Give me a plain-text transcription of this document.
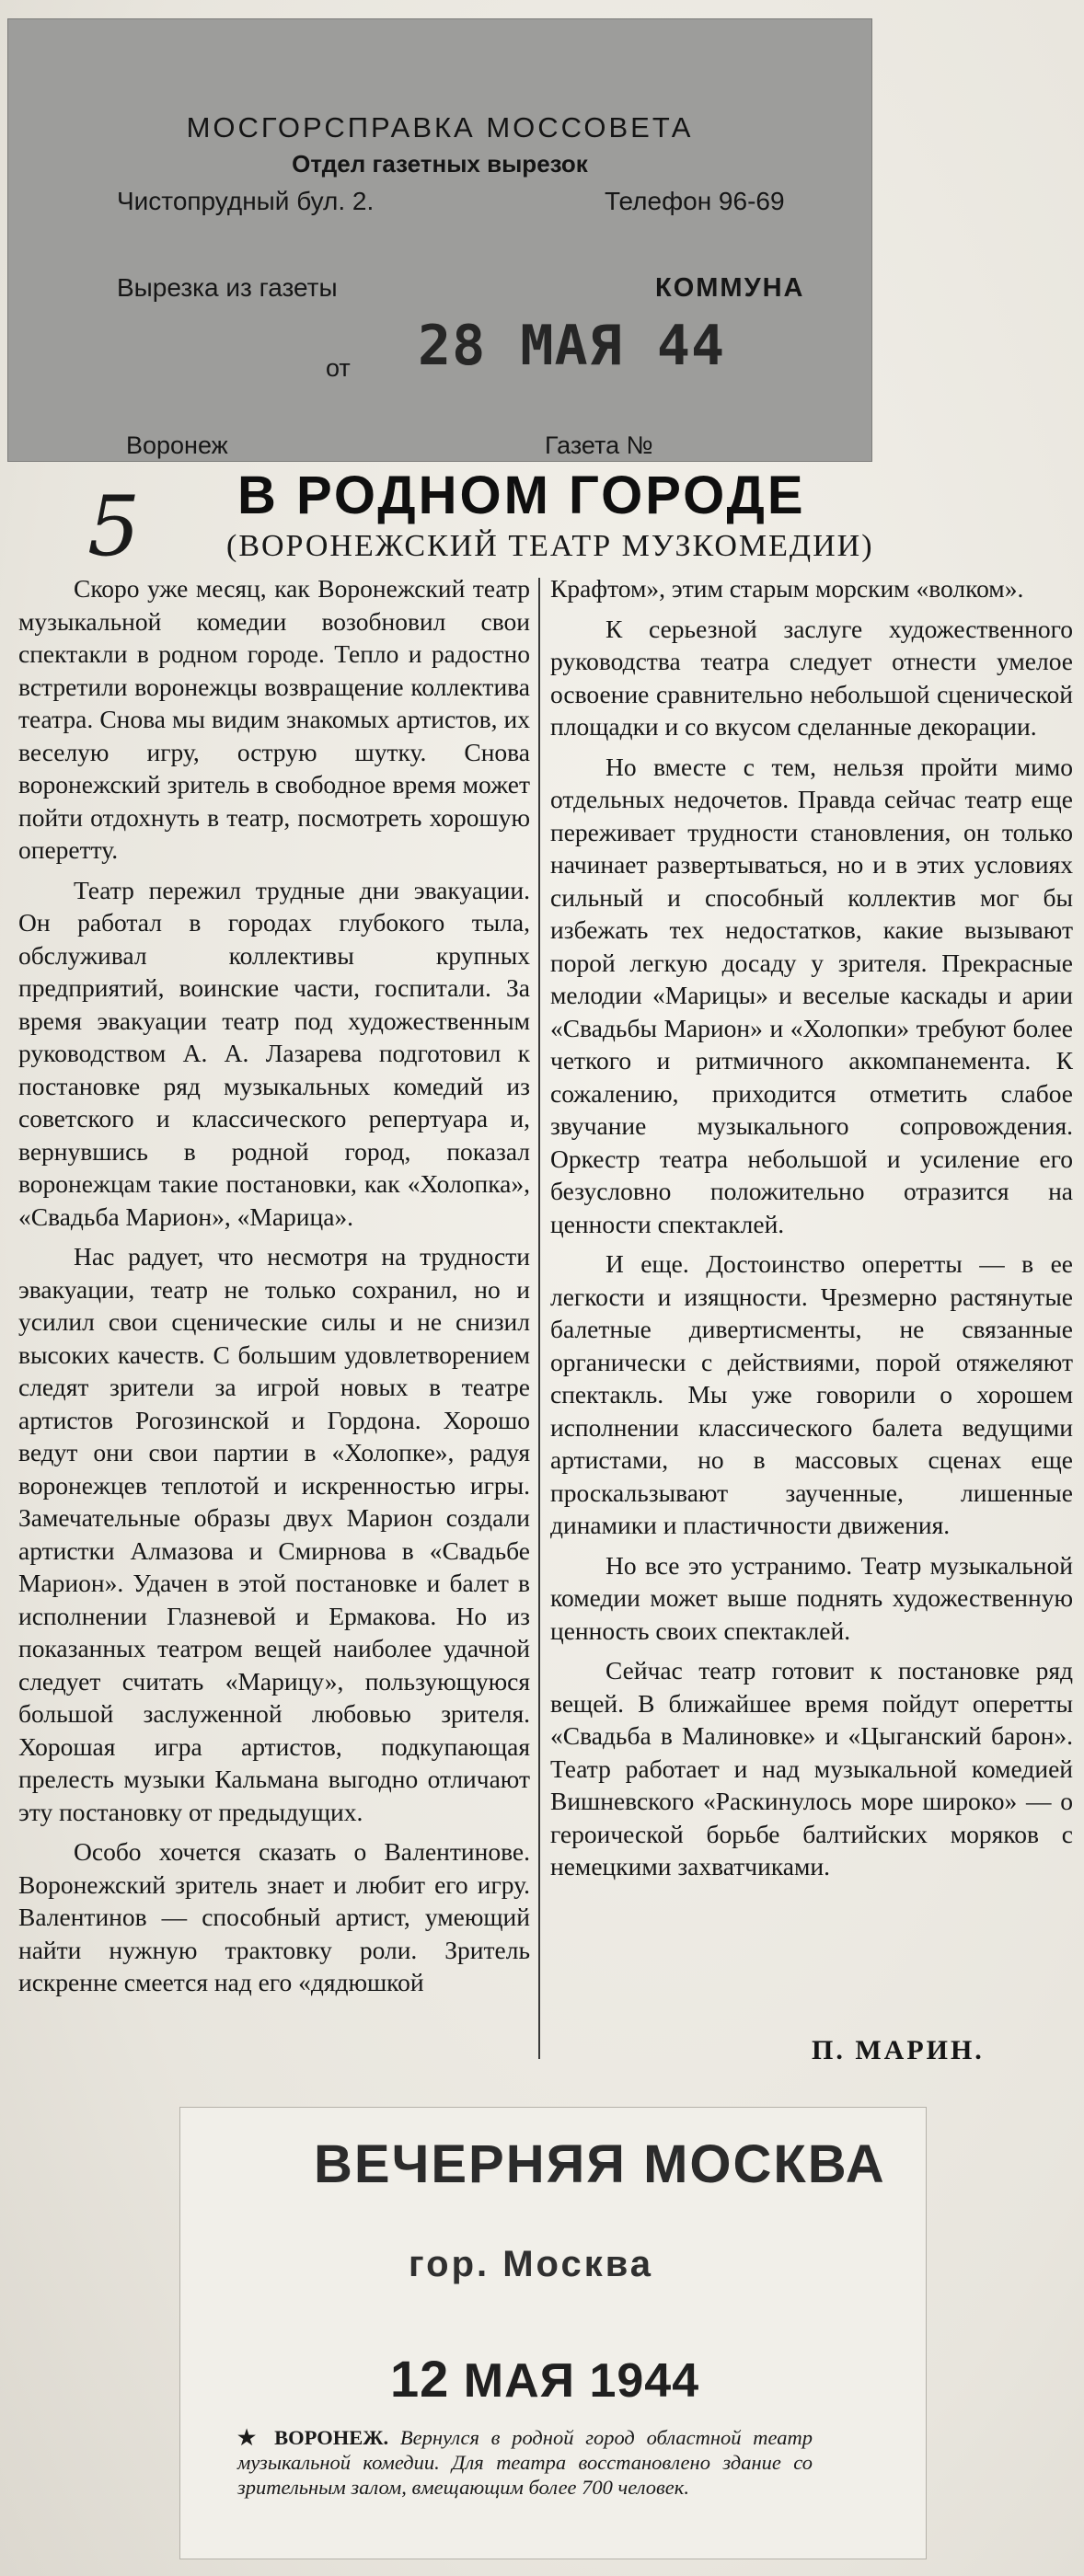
МОСГОРСПРАВКА МОССОВЕТА
Отдел газетных вырезок
Чистопрудный бул. 2.	Телефон 96-69
Вырезка из газеты	КОММУНА
от 28 МАЯ 44
Воронеж	Газета №
5 В РОДНОМ ГОРОДЕ
(ВОРОНЕЖСКИЙ ТЕАТР МУЗКОМЕДИИ)

Скоро уже месяц, как Воронежский театр музыкальной комедии возобновил свои спектакли в родном городе. Тепло и радостно встретили воронежцы возвращение коллектива театра. Снова мы видим знакомых артистов, их веселую игру, острую шутку. Снова воронежский зритель в свободное время может пойти отдохнуть в театр, посмотреть хорошую оперетту.

Театр пережил трудные дни эвакуации. Он работал в городах глубокого тыла, обслуживал коллективы крупных предприятий, воинские части, госпитали. За время эвакуации театр под художественным руководством А. А. Лазарева подготовил к постановке ряд музыкальных комедий из советского и классического репертуара и, вернувшись в родной город, показал воронежцам такие постановки, как «Холопка», «Свадьба Марион», «Марица».

Нас радует, что несмотря на трудности эвакуации, театр не только сохранил, но и усилил свои сценические силы и не снизил высоких качеств. С большим удовлетворением следят зрители за игрой новых в театре артистов Рогозинской и Гордона. Хорошо ведут они свои партии в «Холопке», радуя воронежцев теплотой и искренностью игры. Замечательные образы двух Марион создали артистки Алмазова и Смирнова в «Свадьбе Марион». Удачен в этой постановке и балет в исполнении Глазневой и Ермакова. Но из показанных театром вещей наиболее удачной следует считать «Марицу», пользующуюся большой заслуженной любовью зрителя. Хорошая игра артистов, подкупающая прелесть музыки Кальмана выгодно отличают эту постановку от предыдущих.

Особо хочется сказать о Валентинове. Воронежский зритель знает и любит его игру. Валентинов — способный артист, умеющий найти нужную трактовку роли. Зритель искренне смеется над его «дядюшкой

Крафтом», этим старым морским «волком».

К серьезной заслуге художественного руководства театра следует отнести умелое освоение сравнительно небольшой сценической площадки и со вкусом сделанные декорации.

Но вместе с тем, нельзя пройти мимо отдельных недочетов. Правда сейчас театр еще переживает трудности становления, он только начинает развертываться, но и в этих условиях сильный и способный коллектив мог бы избежать тех недостатков, какие вызывают порой легкую досаду у зрителя. Прекрасные мелодии «Марицы» и веселые каскады и арии «Свадьбы Марион» и «Холопки» требуют более четкого и ритмичного аккомпанемента. К сожалению, приходится отметить слабое звучание музыкального сопровождения. Оркестр театра небольшой и усиление его безусловно положительно отразится на ценности спектаклей.

И еще. Достоинство оперетты — в ее легкости и изящности. Чрезмерно растянутые балетные дивертисменты, не связанные органически с действиями, порой отяжеляют спектакль. Мы уже говорили о хорошем исполнении классического балета ведущими артистами, но в массовых сценах еще проскальзывают заученные, лишенные динамики и пластичности движения.

Но все это устранимо. Театр музыкальной комедии может выше поднять художественную ценность своих спектаклей.

Сейчас театр готовит к постановке ряд вещей. В ближайшее время пойдут оперетты «Свадьба в Малиновке» и «Цыганский барон». Театр работает и над музыкальной комедией Вишневского «Раскинулось море широко» — о героической борьбе балтийских моряков с немецкими захватчиками.

П. МАРИН.
ВЕЧЕРНЯЯ МОСКВА
гор. Москва
12 МАЯ 1944
★ ВОРОНЕЖ. Вернулся в родной город областной театр музыкальной комедии. Для театра восстановлено здание со зрительным залом, вмещающим более 700 человек.
